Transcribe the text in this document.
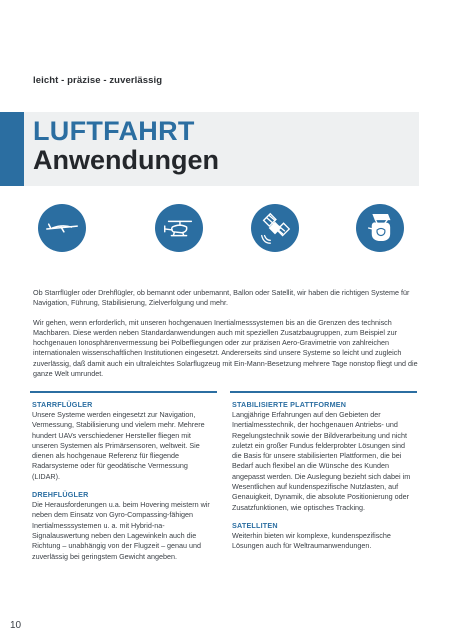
leicht - präzise - zuverlässig
LUFTFAHRT
Anwendungen

Ob Starrflügler oder Drehflügler, ob bemannt oder unbemannt, Ballon oder Satellit, wir haben die richtigen Systeme für Navigation, Führung, Stabilisierung, Zielverfolgung und mehr.

Wir gehen, wenn erforderlich, mit unseren hochgenauen Inertialmesssystemen bis an die Grenzen des technisch Machbaren. Diese werden neben Standardanwendungen auch mit speziellen Zusatzbaugruppen, zum Beispiel zur hochgenauen Ionosphärenvermessung bei Polbefliegungen oder zur präzisen Aero-Gravimetrie von zahlreichen internationalen wissenschaftlichen Institutionen eingesetzt. Andererseits sind unsere Systeme so leicht und zugleich zuverlässig, daß damit auch ein ultraleichtes Solarflugzeug mit Ein-Mann-Besetzung mehrere Tage nonstop fliegt und die ganze Welt umrundet.

STARRFLÜGLER
Unsere Systeme werden eingesetzt zur Navigation, Vermessung, Stabilisierung und vielem mehr. Mehrere hundert UAVs verschiedener Hersteller fliegen mit unseren Systemen als Primärsensoren, weltweit. Sie dienen als hochgenaue Referenz für fliegende Radarsysteme oder für geodätische Vermessung (LIDAR).
DREHFLÜGLER
Die Herausforderungen u.a. beim Hovering meistern wir neben dem Einsatz von Gyro-Compassing-fähigen Inertialmesssystemen u. a. mit Hybrid-na-Signalauswertung neben den Lagewinkeln auch die Richtung – unabhängig von der Flugzeit – genau und zuverlässig bei geringstem Gewicht angeben.
STABILISIERTE PLATTFORMEN
Langjährige Erfahrungen auf den Gebieten der Inertialmesstechnik, der hochgenauen Antriebs- und Regelungstechnik sowie der Bildverarbeitung und nicht zuletzt ein großer Fundus felderprobter Lösungen sind die Basis für unsere stabilisierten Plattformen, die bei Bedarf auch flexibel an die Wünsche des Kunden angepasst werden. Die Auslegung bezieht sich dabei im Wesentlichen auf kundenspezifische Nutzlasten, auf Genauigkeit, Dynamik, die absolute Positionierung oder Zusatzfunktionen, wie optisches Tracking.
SATELLITEN
Weiterhin bieten wir komplexe, kundenspezifische Lösungen auch für Weltraumanwendungen.
10
